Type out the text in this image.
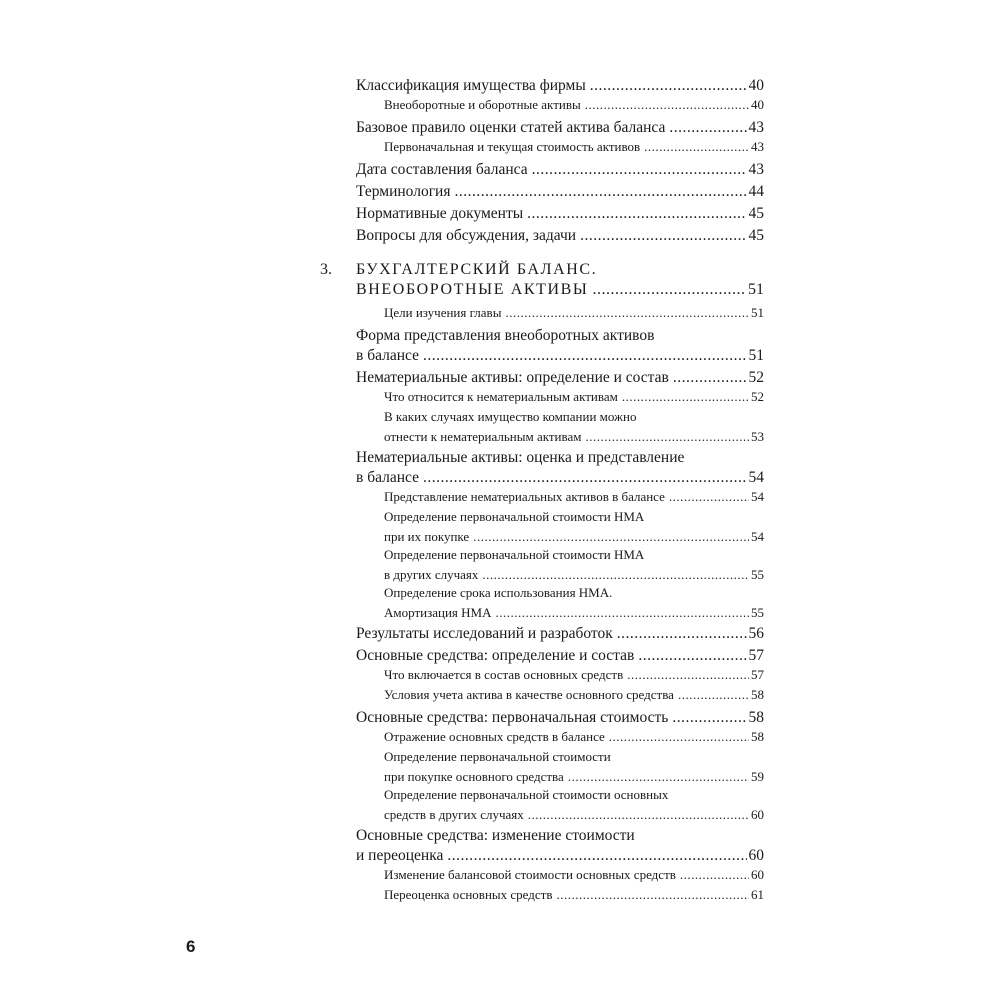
Классификация имущества фирмы .....	40
Внеоборотные и оборотные активы .....	40
Базовое правило оценки статей актива баланса .....	43
Первоначальная и текущая стоимость активов .....	43
Дата составления баланса .....	43
Терминология .....	44
Нормативные документы .....	45
Вопросы для обсуждения, задачи .....	45
3. БУХГАЛТЕРСКИЙ БАЛАНС.
ВНЕОБОРОТНЫЕ АКТИВЫ .....	51
Цели изучения главы .....	51
Форма представления внеоборотных активов
в балансе .....	51
Нематериальные активы: определение и состав .....	52
Что относится к нематериальным активам .....	52
В каких случаях имущество компании можно
отнести к нематериальным активам .....	53
Нематериальные активы: оценка и представление
в балансе .....	54
Представление нематериальных активов в балансе .....	54
Определение первоначальной стоимости НМА
при их покупке .....	54
Определение первоначальной стоимости НМА
в других случаях .....	55
Определение срока использования НМА.
Амортизация НМА .....	55
Результаты исследований и разработок .....	56
Основные средства: определение и состав .....	57
Что включается в состав основных средств .....	57
Условия учета актива в качестве основного средства .....	58
Основные средства: первоначальная стоимость .....	58
Отражение основных средств в балансе .....	58
Определение первоначальной стоимости
при покупке основного средства .....	59
Определение первоначальной стоимости основных
средств в других случаях .....	60
Основные средства: изменение стоимости
и переоценка .....	60
Изменение балансовой стоимости основных средств .....	60
Переоценка основных средств .....	61
6
